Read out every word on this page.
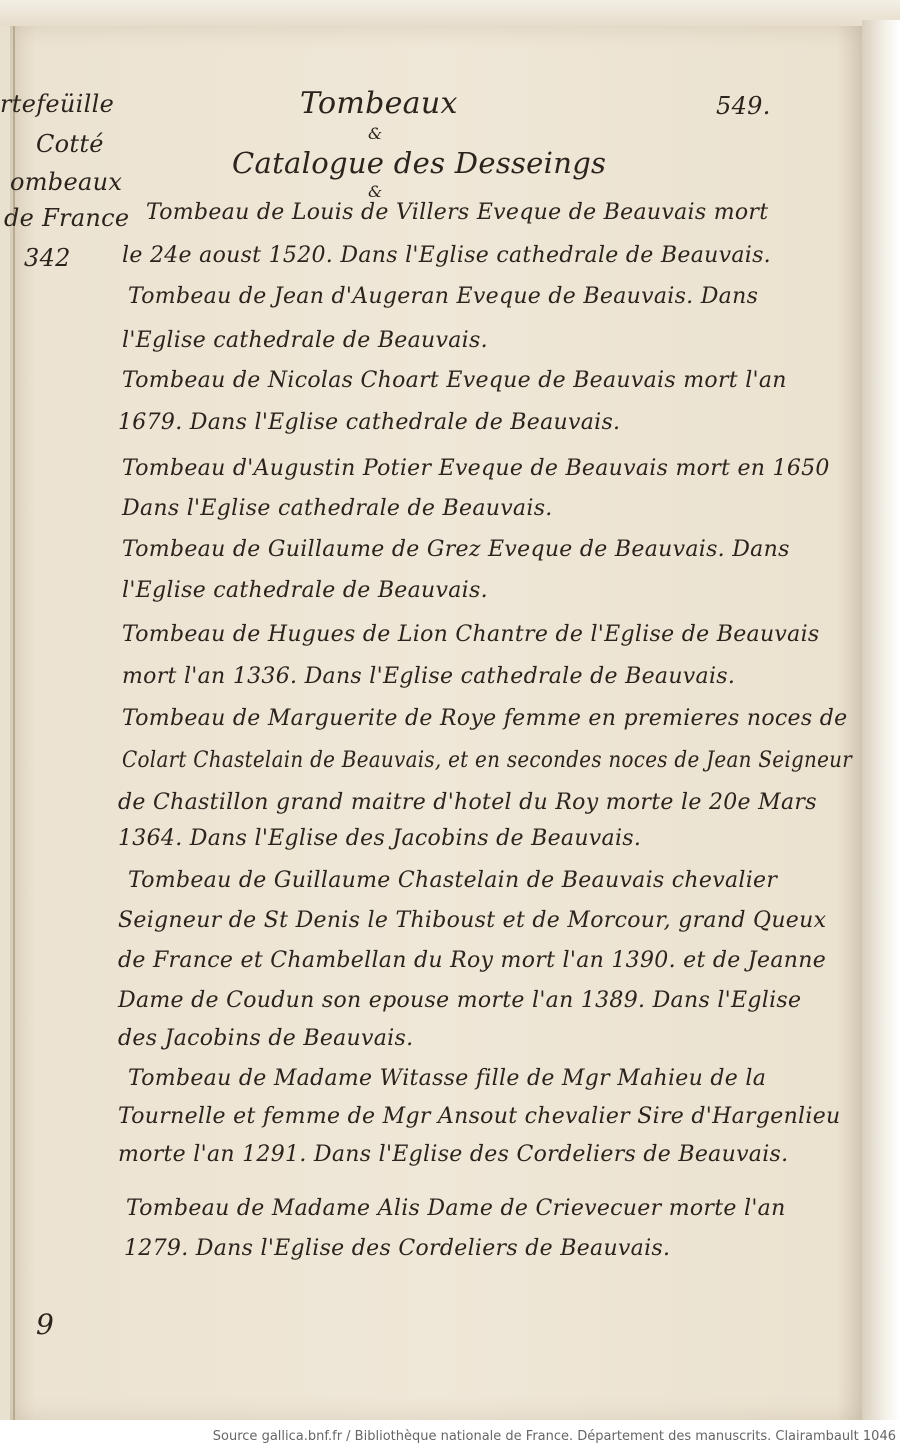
rtefeüille
Cotté
ombeaux
de France
342
Tombeaux
&
Catalogue des Desseings
&
549.
Tombeau de Louis de Villers Eveque de Beauvais mort
le 24e aoust 1520. Dans l'Eglise cathedrale de Beauvais.
Tombeau de Jean d'Augeran Eveque de Beauvais. Dans
l'Eglise cathedrale de Beauvais.
Tombeau de Nicolas Choart Eveque de Beauvais mort l'an
1679. Dans l'Eglise cathedrale de Beauvais.
Tombeau d'Augustin Potier Eveque de Beauvais mort en 1650
Dans l'Eglise cathedrale de Beauvais.
Tombeau de Guillaume de Grez Eveque de Beauvais. Dans
l'Eglise cathedrale de Beauvais.
Tombeau de Hugues de Lion Chantre de l'Eglise de Beauvais
mort l'an 1336. Dans l'Eglise cathedrale de Beauvais.
Tombeau de Marguerite de Roye femme en premieres noces de
Colart Chastelain de Beauvais, et en secondes noces de Jean Seigneur
de Chastillon grand maitre d'hotel du Roy morte le 20e Mars
1364. Dans l'Eglise des Jacobins de Beauvais.
Tombeau de Guillaume Chastelain de Beauvais chevalier
Seigneur de St Denis le Thiboust et de Morcour, grand Queux
de France et Chambellan du Roy mort l'an 1390. et de Jeanne
Dame de Coudun son epouse morte l'an 1389. Dans l'Eglise
des Jacobins de Beauvais.
Tombeau de Madame Witasse fille de Mgr Mahieu de la
Tournelle et femme de Mgr Ansout chevalier Sire d'Hargenlieu
morte l'an 1291. Dans l'Eglise des Cordeliers de Beauvais.
Tombeau de Madame Alis Dame de Crievecuer morte l'an
1279. Dans l'Eglise des Cordeliers de Beauvais.
9
Source gallica.bnf.fr / Bibliothèque nationale de France. Département des manuscrits. Clairambault 1046
